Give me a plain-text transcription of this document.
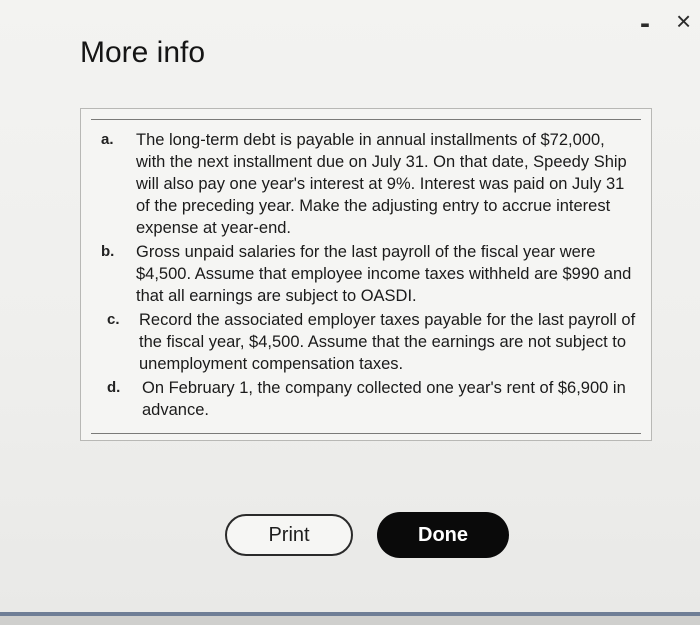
More info
- ×
a. The long-term debt is payable in annual installments of $72,000, with the next installment due on July 31. On that date, Speedy Ship will also pay one year's interest at 9%. Interest was paid on July 31 of the preceding year. Make the adjusting entry to accrue interest expense at year-end.
b. Gross unpaid salaries for the last payroll of the fiscal year were $4,500. Assume that employee income taxes withheld are $990 and that all earnings are subject to OASDI.
c. Record the associated employer taxes payable for the last payroll of the fiscal year, $4,500. Assume that the earnings are not subject to unemployment compensation taxes.
d. On February 1, the company collected one year's rent of $6,900 in advance.
Print	Done
